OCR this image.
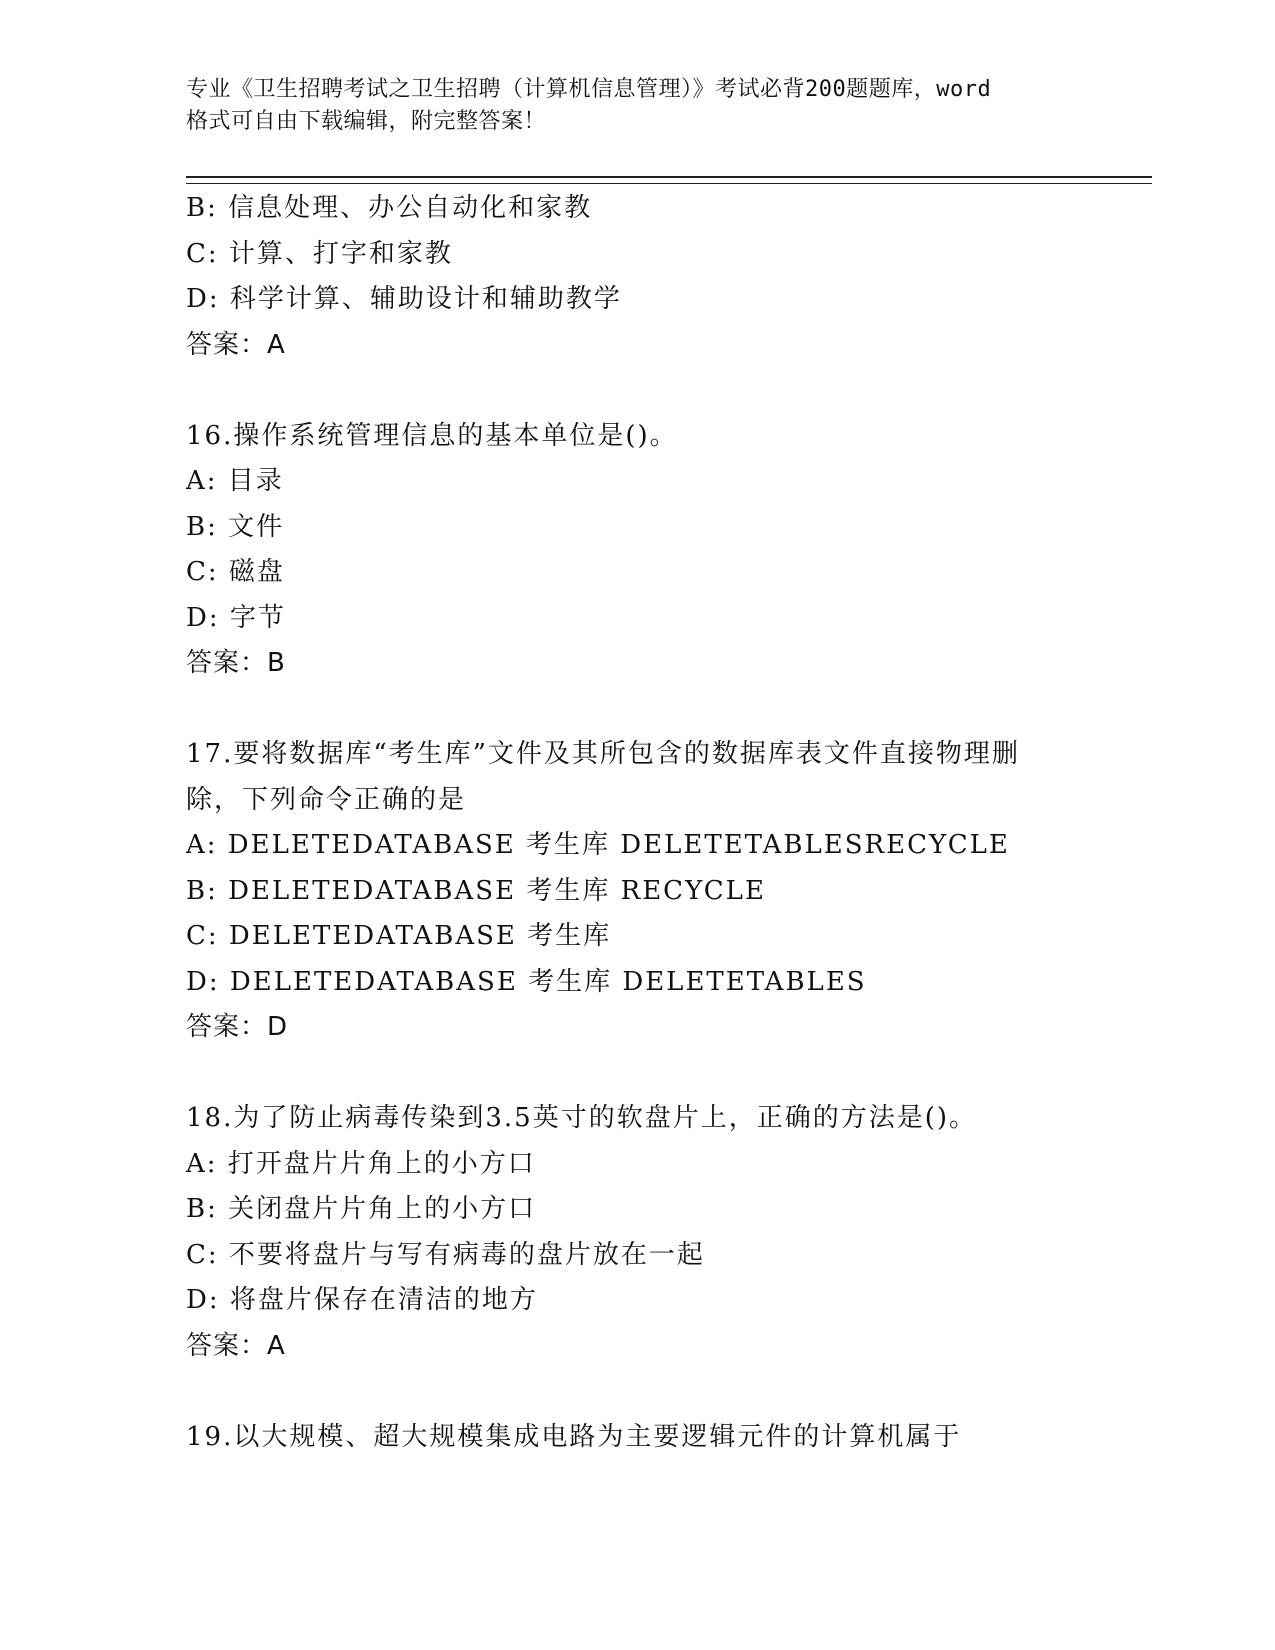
专业《卫生招聘考试之卫生招聘（计算机信息管理）》考试必背200题题库，word
格式可自由下载编辑，附完整答案！
B: 信息处理、办公自动化和家教
C: 计算、打字和家教
D: 科学计算、辅助设计和辅助教学
答案：A
16.操作系统管理信息的基本单位是()。
A: 目录
B: 文件
C: 磁盘
D: 字节
答案：B
17.要将数据库“考生库”文件及其所包含的数据库表文件直接物理删
除，下列命令正确的是
A: DELETEDATABASE 考生库 DELETETABLESRECYCLE
B: DELETEDATABASE 考生库 RECYCLE
C: DELETEDATABASE 考生库
D: DELETEDATABASE 考生库 DELETETABLES
答案：D
18.为了防止病毒传染到3.5英寸的软盘片上，正确的方法是()。
A: 打开盘片片角上的小方口
B: 关闭盘片片角上的小方口
C: 不要将盘片与写有病毒的盘片放在一起
D: 将盘片保存在清洁的地方
答案：A
19.以大规模、超大规模集成电路为主要逻辑元件的计算机属于
